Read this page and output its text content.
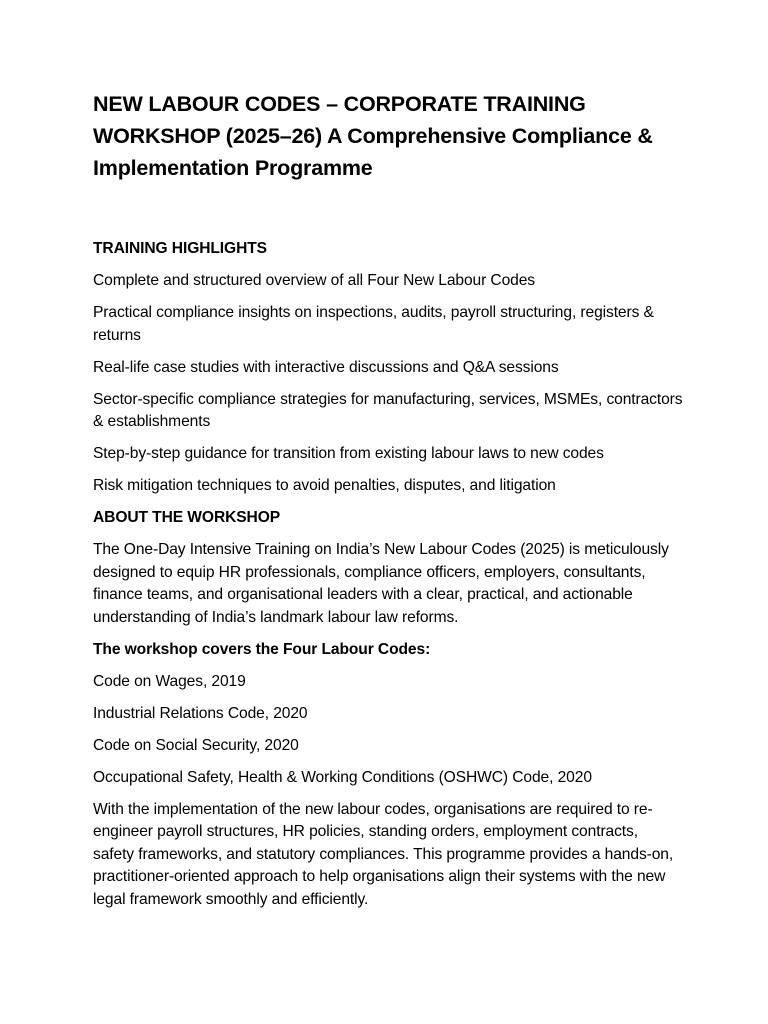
NEW LABOUR CODES – CORPORATE TRAINING WORKSHOP (2025–26) A Comprehensive Compliance & Implementation Programme
TRAINING HIGHLIGHTS
Complete and structured overview of all Four New Labour Codes
Practical compliance insights on inspections, audits, payroll structuring, registers & returns
Real-life case studies with interactive discussions and Q&A sessions
Sector-specific compliance strategies for manufacturing, services, MSMEs, contractors & establishments
Step-by-step guidance for transition from existing labour laws to new codes
Risk mitigation techniques to avoid penalties, disputes, and litigation
ABOUT THE WORKSHOP
The One-Day Intensive Training on India’s New Labour Codes (2025) is meticulously designed to equip HR professionals, compliance officers, employers, consultants, finance teams, and organisational leaders with a clear, practical, and actionable understanding of India’s landmark labour law reforms.
The workshop covers the Four Labour Codes:
Code on Wages, 2019
Industrial Relations Code, 2020
Code on Social Security, 2020
Occupational Safety, Health & Working Conditions (OSHWC) Code, 2020
With the implementation of the new labour codes, organisations are required to re-engineer payroll structures, HR policies, standing orders, employment contracts, safety frameworks, and statutory compliances. This programme provides a hands-on, practitioner-oriented approach to help organisations align their systems with the new legal framework smoothly and efficiently.
